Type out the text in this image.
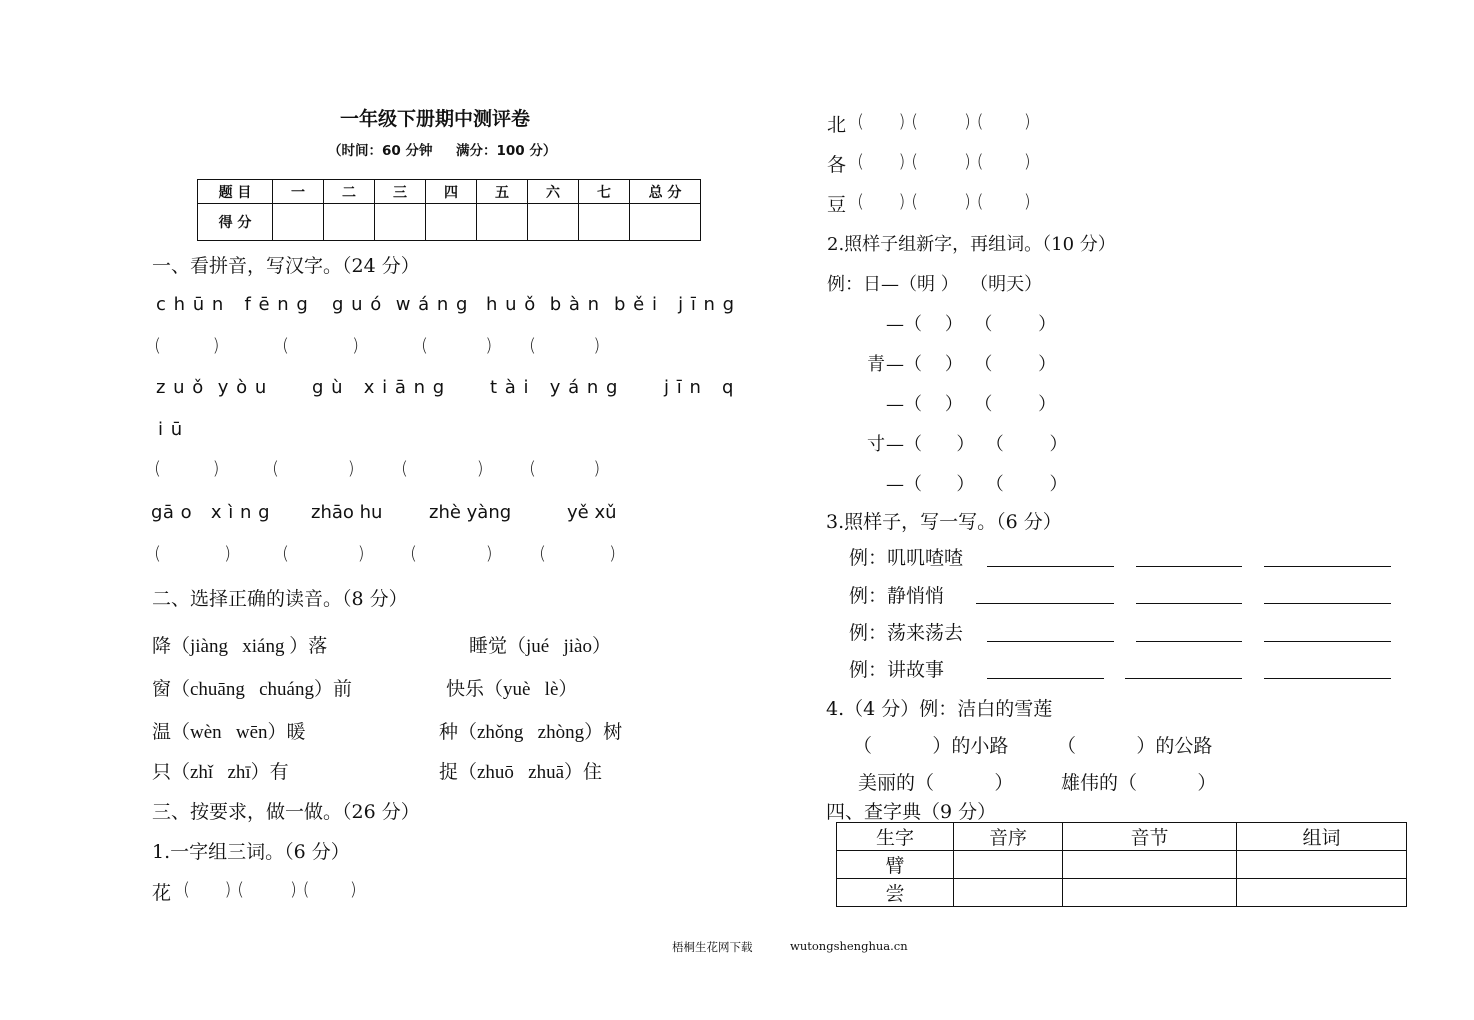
一年级下册期中测评卷
（时间：60 分钟     满分：100 分）
题 目	一	二	三	四	五	六	七	总 分
得 分								
一、看拼音，写汉字。（24 分）
c h ū n   f ē n g g u ó  w á n g h u ǒ  b à n b ě i   j ī n g
(         )	(           )	(          ) (          )
z u ǒ  y ò u g ù   x i ā n g t à i   y á n g	j ī n   q
i ū
(         )	(            )	(            )	(          )
gā o   x ì n g zhāo hu	zhè yàng	yě xǔ
(           )	(            )	(            )	(           )
二、选择正确的读音。（8 分）
降（jiàng   xiáng ）落	睡觉（jué   jiào）
窗（chuāng   chuáng）前	快乐（yuè   lè）
温（wèn   wēn）暖	种（zhǒng   zhòng）树
只（zhǐ   zhī）有	捉（zhuō   zhuā）住
三、按要求，做一做。（26 分）
1.一字组三词。（6 分）
花 (      ) (        ) (       )
北 (      ) (        ) (       )
各 (      ) (        ) (       )
豆 (      ) (        ) (       )
2.照样子组新字，再组词。（10 分）
例：日—（明 ）  （明天）
—（    ）  （        ）
青 —（    ）  （        ）
—（    ）  （        ）
寸 —（      ）  （        ）
—（      ）  （        ）
3.照样子，写一写。（6 分）
例：叽叽喳喳
例：静悄悄
例：荡来荡去
例：讲故事
4.（4 分）例：洁白的雪莲
（          ）的小路	（          ）的公路
美丽的（          ）	雄伟的（          ）
四、查字典（9 分）
生字	音序	音节	组词
臂			
尝			
梧桐生花网下载	wutongshenghua.cn
